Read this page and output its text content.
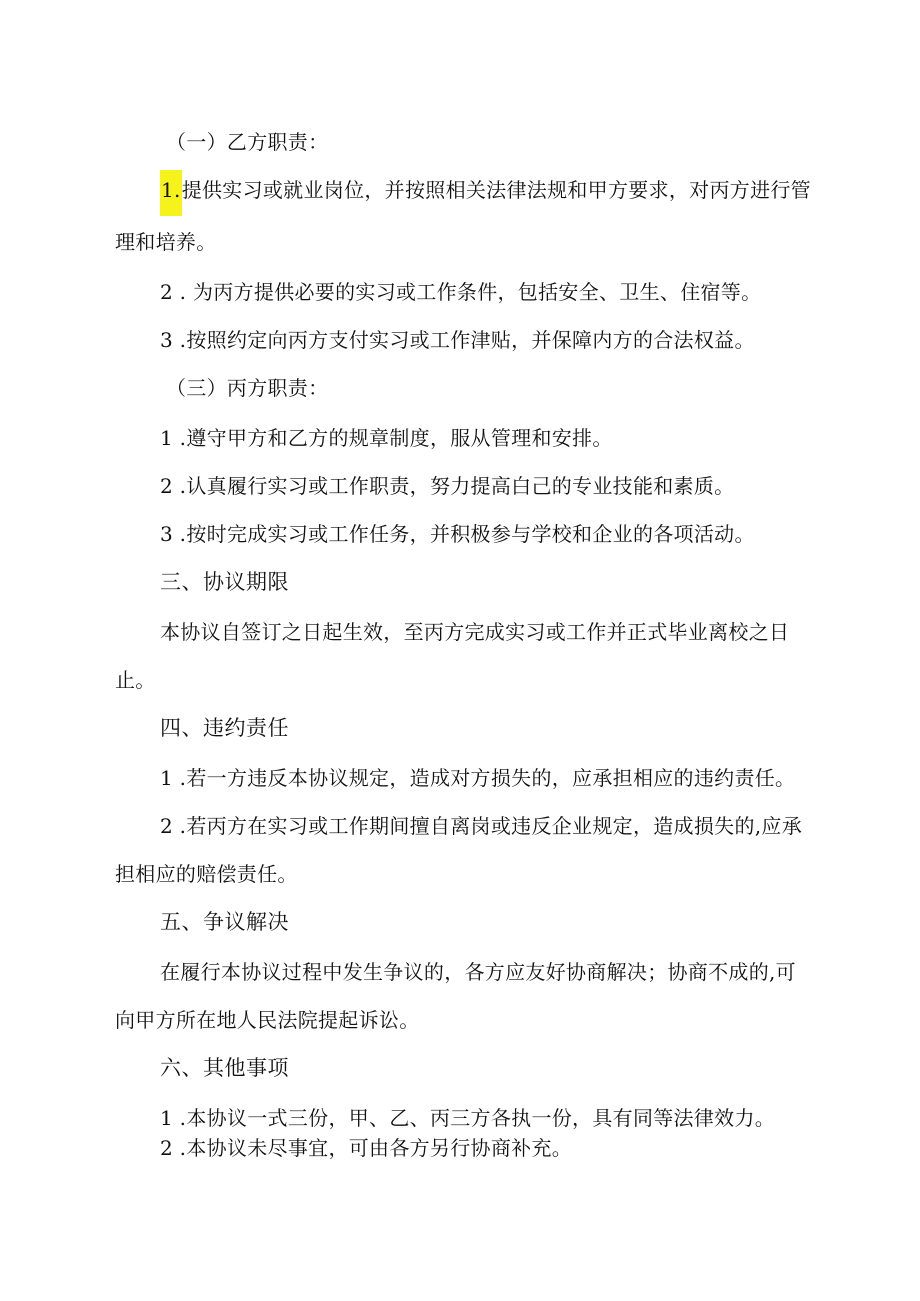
（一）乙方职责：
1.提供实习或就业岗位，并按照相关法律法规和甲方要求，对丙方进行管
理和培养。
2 . 为丙方提供必要的实习或工作条件，包括安全、卫生、住宿等。
3 .按照约定向丙方支付实习或工作津贴，并保障内方的合法权益。
（三）丙方职责：
1 .遵守甲方和乙方的规章制度，服从管理和安排。
2 .认真履行实习或工作职责，努力提高白己的专业技能和素质。
3 .按时完成实习或工作任务，并积极参与学校和企业的各项活动。
三、协议期限
本协议自签订之日起生效，至丙方完成实习或工作并正式毕业离校之日
止。
四、违约责任
1 .若一方违反本协议规定，造成对方损失的，应承担相应的违约责任。
2 .若丙方在实习或工作期间擅自离岗或违反企业规定，造成损失的,应承
担相应的赔偿责任。
五、争议解决
在履行本协议过程中发生争议的，各方应友好协商解决；协商不成的,可
向甲方所在地人民法院提起诉讼。
六、其他事项
1 .本协议一式三份，甲、乙、丙三方各执一份，具有同等法律效力。
2 .本协议未尽事宜，可由各方另行协商补充。
